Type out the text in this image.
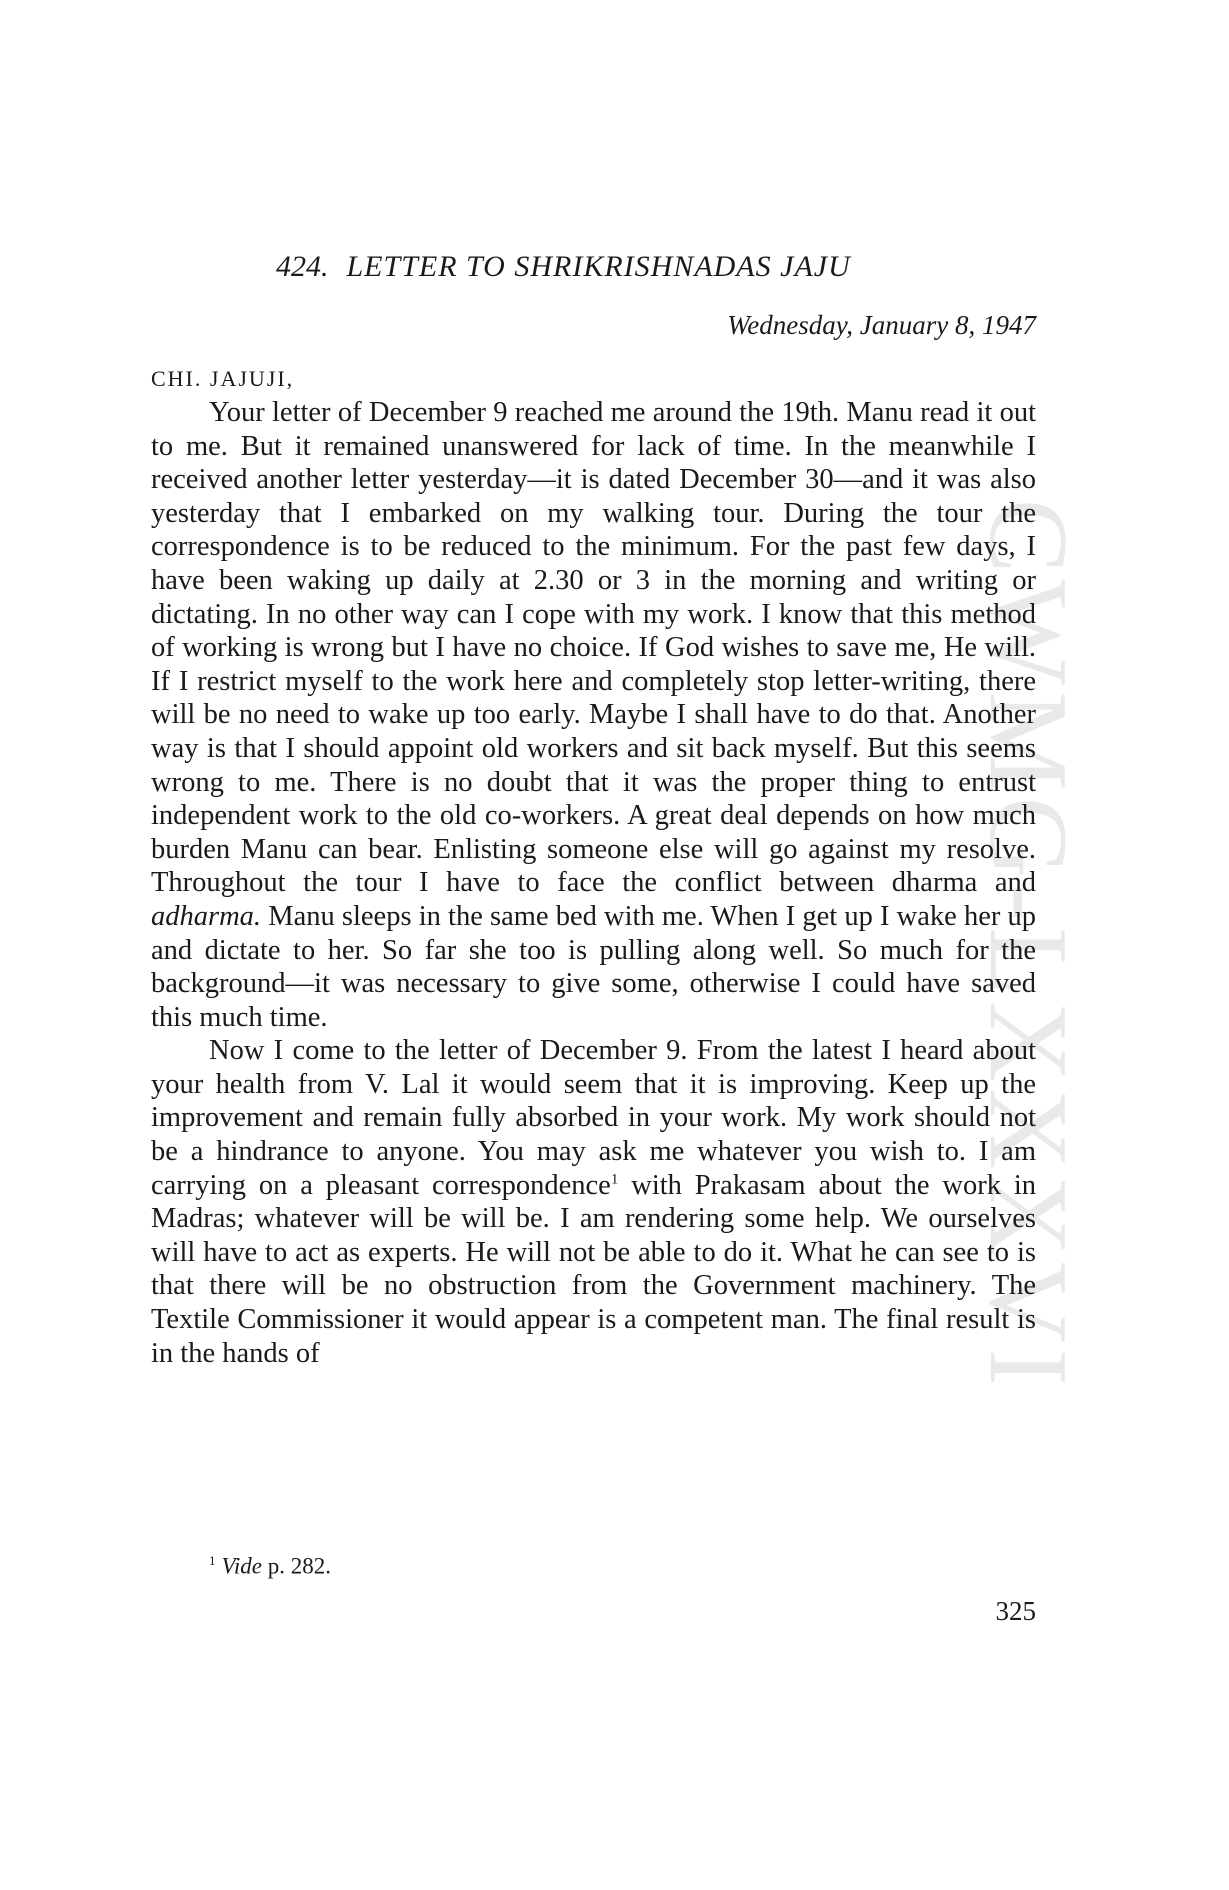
CWMG-LXXXVI
424. LETTER TO SHRIKRISHNADAS JAJU
Wednesday, January 8, 1947
CHI. JAJUJI,

Your letter of December 9 reached me around the 19th. Manu read it out to me. But it remained unanswered for lack of time. In the meanwhile I received another letter yesterday—it is dated December 30—and it was also yesterday that I embarked on my walking tour. During the tour the correspondence is to be reduced to the minimum. For the past few days, I have been waking up daily at 2.30 or 3 in the morning and writing or dictating. In no other way can I cope with my work. I know that this method of working is wrong but I have no choice. If God wishes to save me, He will. If I restrict myself to the work here and completely stop letter-writing, there will be no need to wake up too early. Maybe I shall have to do that. Another way is that I should appoint old workers and sit back myself. But this seems wrong to me. There is no doubt that it was the proper thing to entrust independent work to the old co-workers. A great deal depends on how much burden Manu can bear. Enlisting someone else will go against my resolve. Throughout the tour I have to face the conflict between dharma and adharma. Manu sleeps in the same bed with me. When I get up I wake her up and dictate to her. So far she too is pulling along well. So much for the background—it was necessary to give some, otherwise I could have saved this much time.

Now I come to the letter of December 9. From the latest I heard about your health from V. Lal it would seem that it is improving. Keep up the improvement and remain fully absorbed in your work. My work should not be a hindrance to anyone. You may ask me whatever you wish to. I am carrying on a pleasant correspondence$^1$ with Prakasam about the work in Madras; whatever will be will be. I am rendering some help. We ourselves will have to act as experts. He will not be able to do it. What he can see to is that there will be no obstruction from the Government machinery. The Textile Commissioner it would appear is a competent man. The final result is in the hands of

$^1$ Vide p. 282.
325
